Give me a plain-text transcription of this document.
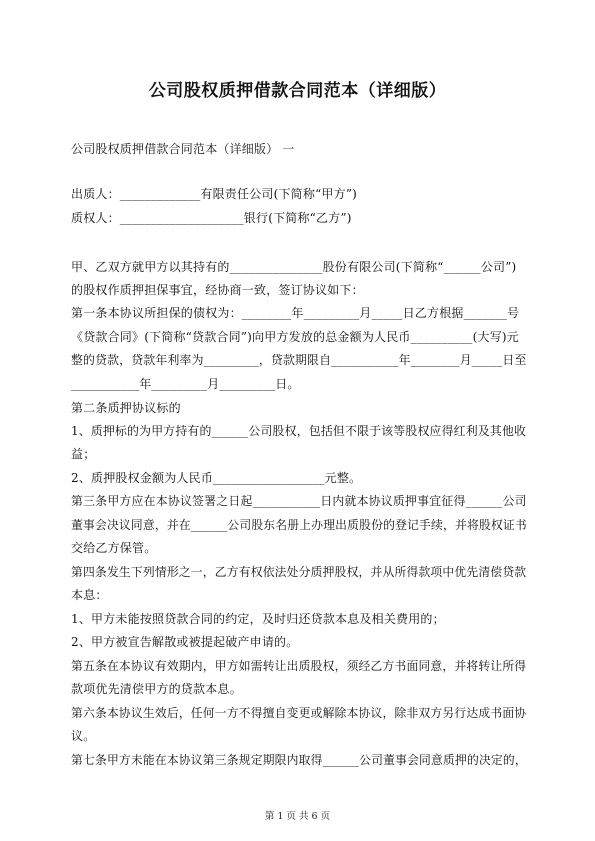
公司股权质押借款合同范本（详细版）
公司股权质押借款合同范本（详细版） 一
出质人：_____________有限责任公司(下简称“甲方”)
质权人：____________________银行(下简称“乙方”)
甲、乙双方就甲方以其持有的_______________股份有限公司(下简称“______公司”)
的股权作质押担保事宜，经协商一致，签订协议如下：
第一条本协议所担保的债权为：________年_________月_____日乙方根据_______号
《贷款合同》(下简称“贷款合同”)向甲方发放的总金额为人民币__________(大写)元
整的贷款，贷款年利率为_________，贷款期限自___________年________月_____日至
___________年_________月_________日。
第二条质押协议标的
1、质押标的为甲方持有的______公司股权，包括但不限于该等股权应得红利及其他收
益；
2、质押股权金额为人民币__________________元整。
第三条甲方应在本协议签署之日起___________日内就本协议质押事宜征得______公司
董事会决议同意，并在______公司股东名册上办理出质股份的登记手续，并将股权证书
交给乙方保管。
第四条发生下列情形之一，乙方有权依法处分质押股权，并从所得款项中优先清偿贷款
本息：
1、甲方未能按照贷款合同的约定，及时归还贷款本息及相关费用的；
2、甲方被宣告解散或被提起破产申请的。
第五条在本协议有效期内，甲方如需转让出质股权，须经乙方书面同意，并将转让所得
款项优先清偿甲方的贷款本息。
第六条本协议生效后，任何一方不得擅自变更或解除本协议，除非双方另行达成书面协
议。
第七条甲方未能在本协议第三条规定期限内取得______公司董事会同意质押的决定的，
第 1 页 共 6 页
